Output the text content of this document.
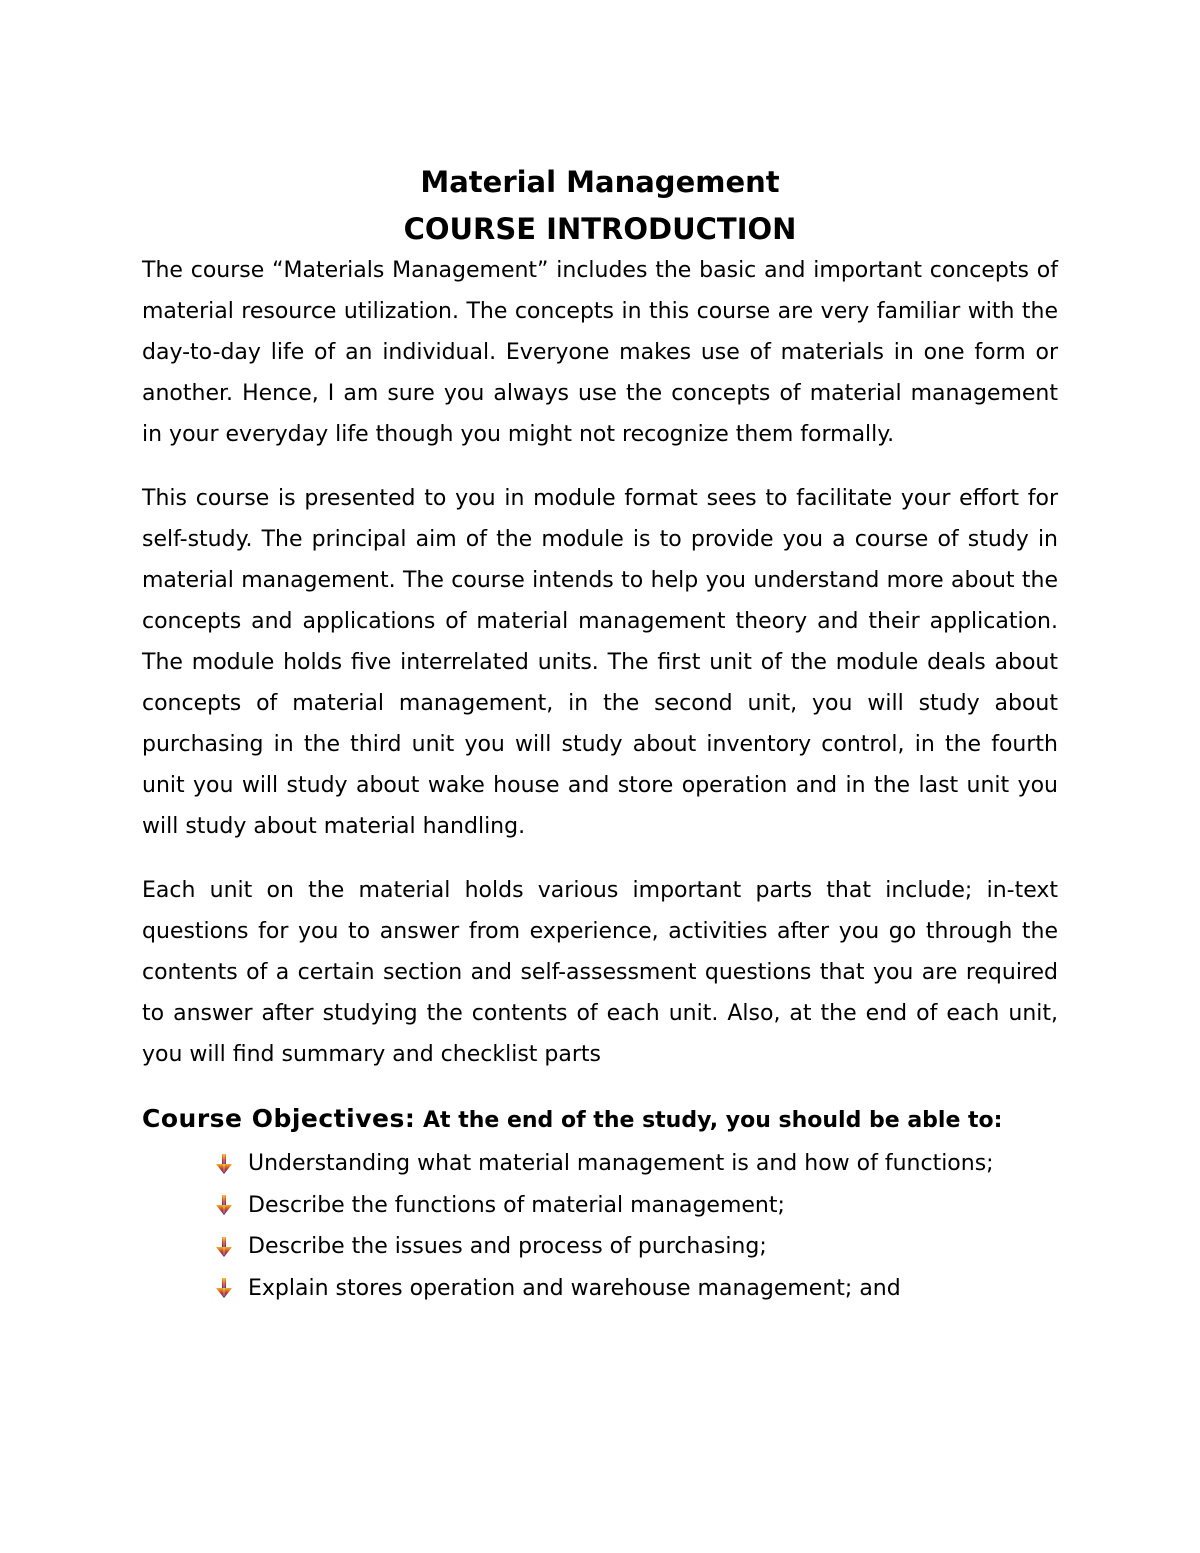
Material Management
COURSE INTRODUCTION

The course “Materials Management” includes the basic and important concepts of material resource utilization. The concepts in this course are very familiar with the day-to-day life of an individual. Everyone makes use of materials in one form or another. Hence, I am sure you always use the concepts of material management in your everyday life though you might not recognize them formally.

This course is presented to you in module format sees to facilitate your effort for self-study. The principal aim of the module is to provide you a course of study in material management. The course intends to help you understand more about the concepts and applications of material management theory and their application. The module holds five interrelated units. The first unit of the module deals about concepts of material management, in the second unit, you will study about purchasing in the third unit you will study about inventory control, in the fourth unit you will study about wake house and store operation and in the last unit you will study about material handling.

Each unit on the material holds various important parts that include; in-text questions for you to answer from experience, activities after you go through the contents of a certain section and self-assessment questions that you are required to answer after studying the contents of each unit. Also, at the end of each unit, you will find summary and checklist parts

Course Objectives: At the end of the study, you should be able to:

Understanding what material management is and how of functions;
Describe the functions of material management;
Describe the issues and process of purchasing;
Explain stores operation and warehouse management; and
